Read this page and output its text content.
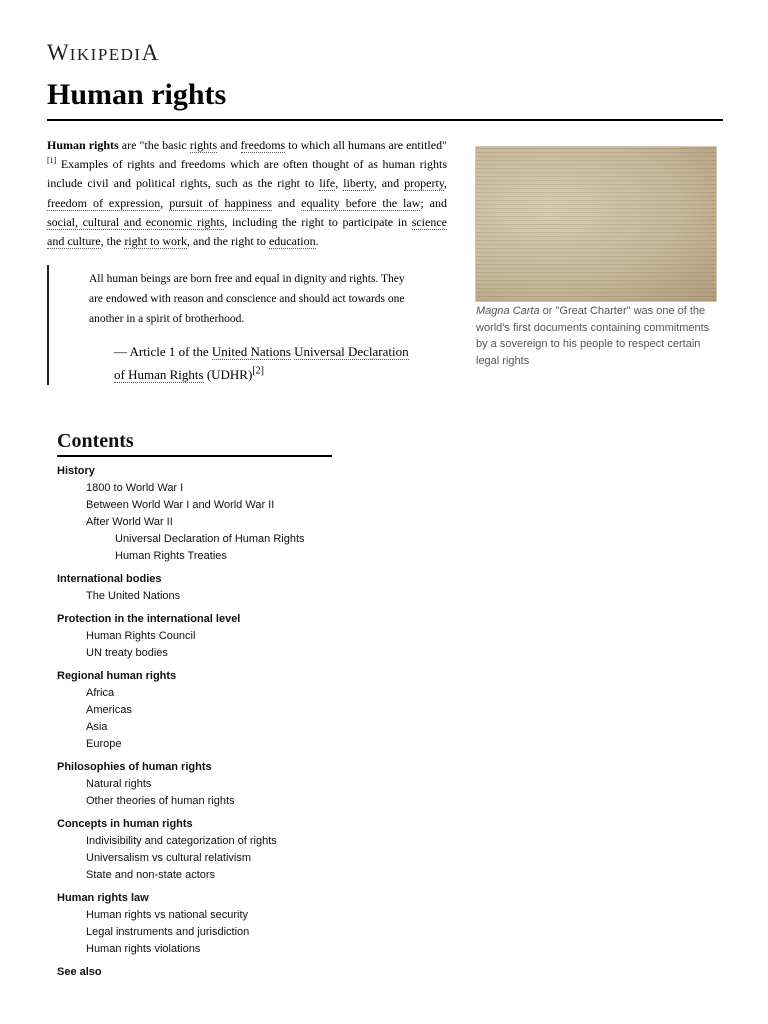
WIKIPEDIA
Human rights
Human rights are "the basic rights and freedoms to which all humans are entitled"[1] Examples of rights and freedoms which are often thought of as human rights include civil and political rights, such as the right to life, liberty, and property, freedom of expression, pursuit of happiness and equality before the law; and social, cultural and economic rights, including the right to participate in science and culture, the right to work, and the right to education.
All human beings are born free and equal in dignity and rights. They are endowed with reason and conscience and should act towards one another in a spirit of brotherhood.
— Article 1 of the United Nations Universal Declaration of Human Rights (UDHR)[2]
Magna Carta or "Great Charter" was one of the world's first documents containing commitments by a sovereign to his people to respect certain legal rights
Contents
History
1800 to World War I
Between World War I and World War II
After World War II
Universal Declaration of Human Rights
Human Rights Treaties
International bodies
The United Nations
Protection in the international level
Human Rights Council
UN treaty bodies
Regional human rights
Africa
Americas
Asia
Europe
Philosophies of human rights
Natural rights
Other theories of human rights
Concepts in human rights
Indivisibility and categorization of rights
Universalism vs cultural relativism
State and non-state actors
Human rights law
Human rights vs national security
Legal instruments and jurisdiction
Human rights violations
See also
